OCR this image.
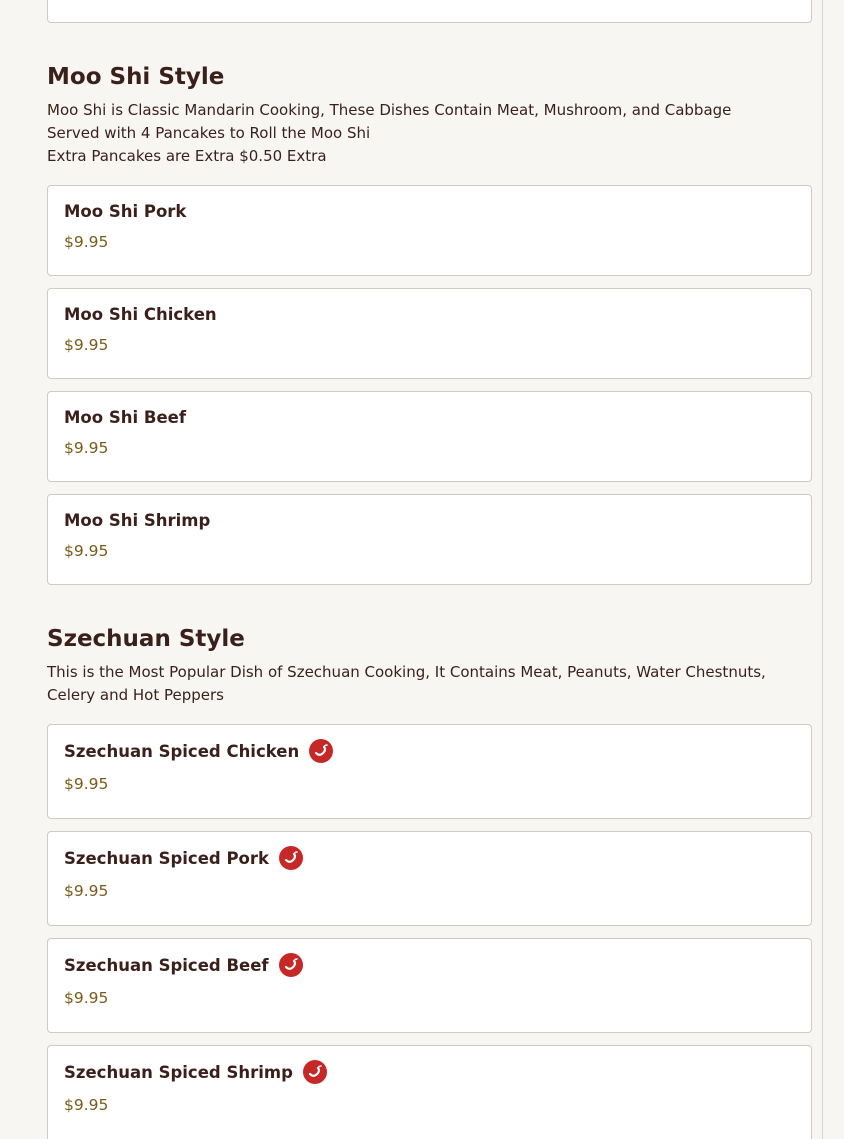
Moo Shi Style

Moo Shi is Classic Mandarin Cooking, These Dishes Contain Meat, Mushroom, and Cabbage

Served with 4 Pancakes to Roll the Moo Shi

Extra Pancakes are Extra $0.50 Extra

Moo Shi Pork
$9.95
Moo Shi Chicken
$9.95
Moo Shi Beef
$9.95
Moo Shi Shrimp
$9.95
Szechuan Style

This is the Most Popular Dish of Szechuan Cooking, It Contains Meat, Peanuts, Water Chestnuts, Celery and Hot Peppers

Szechuan Spiced Chicken
$9.95
Szechuan Spiced Pork
$9.95
Szechuan Spiced Beef
$9.95
Szechuan Spiced Shrimp
$9.95
